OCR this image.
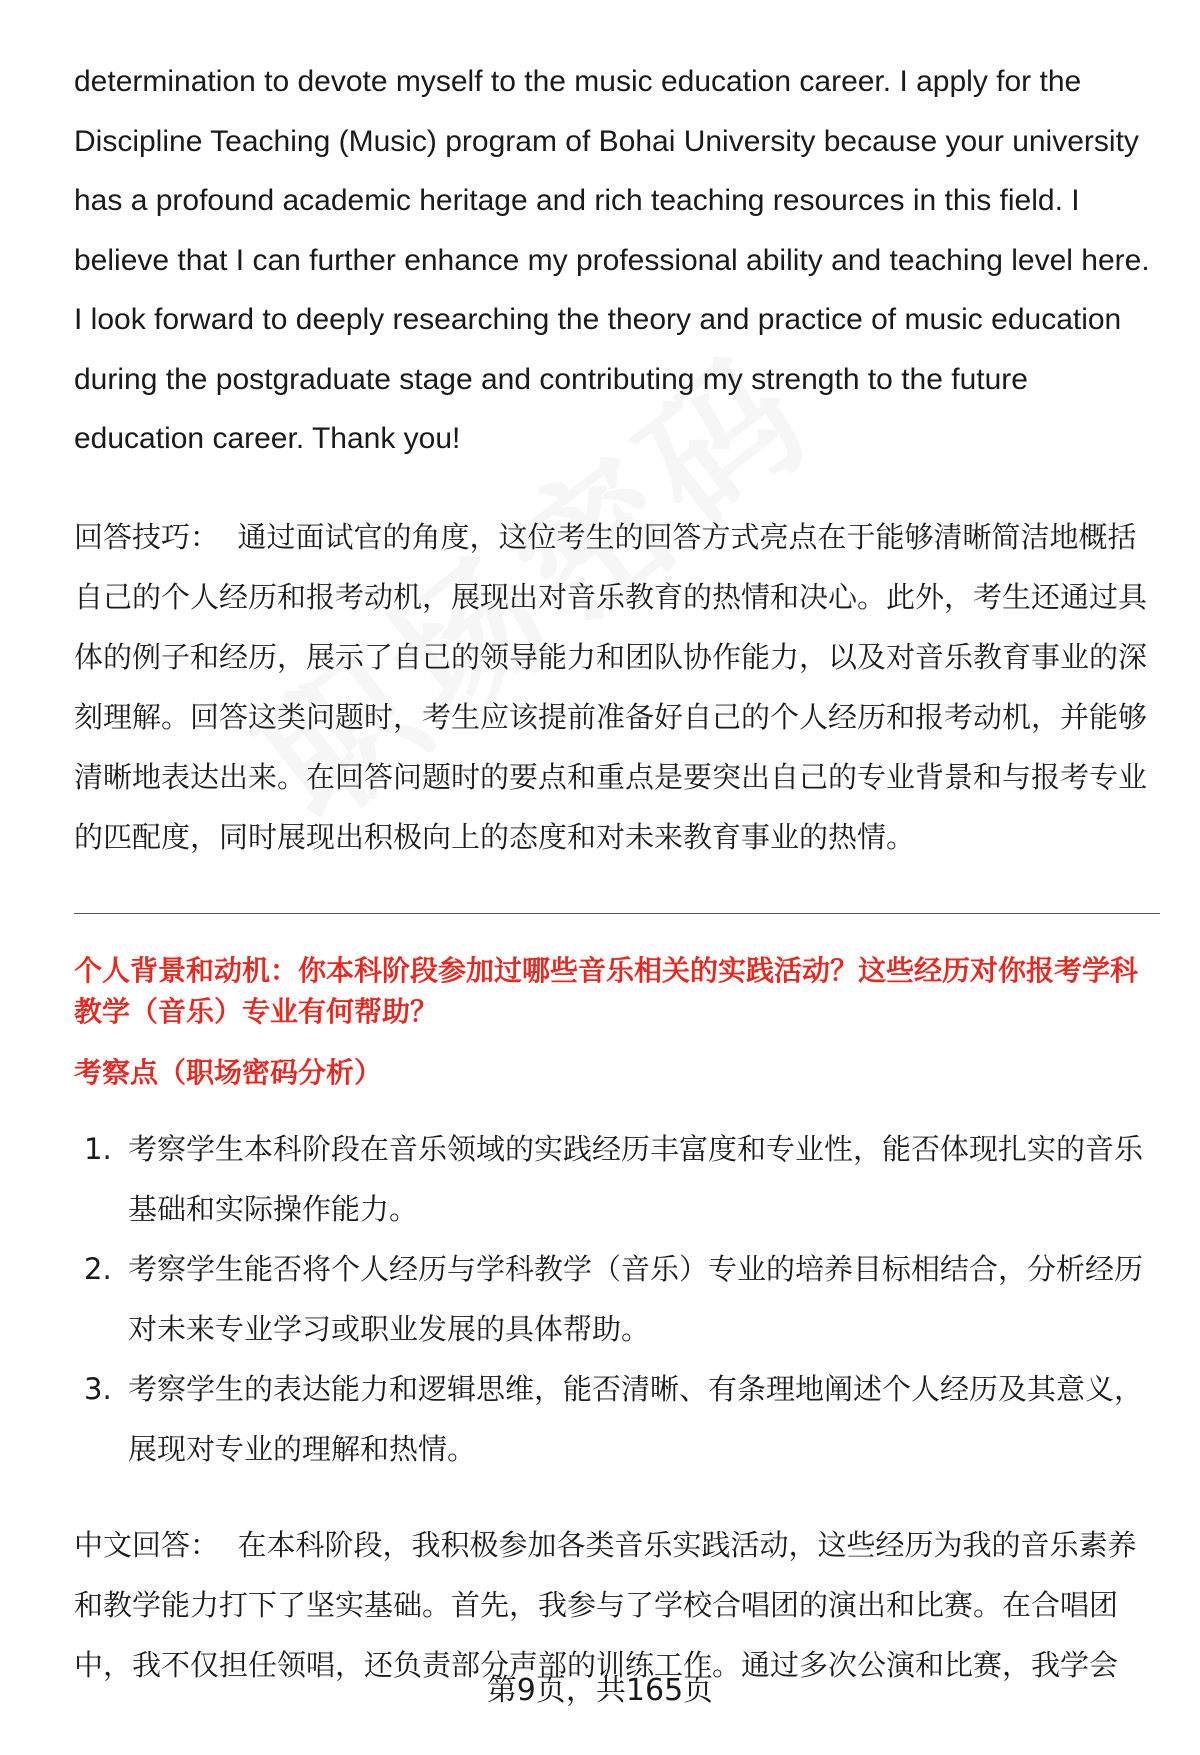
determination to devote myself to the music education career. I apply for the Discipline Teaching (Music) program of Bohai University because your university has a profound academic heritage and rich teaching resources in this field. I believe that I can further enhance my professional ability and teaching level here. I look forward to deeply researching the theory and practice of music education during the postgraduate stage and contributing my strength to the future education career. Thank you!

回答技巧： 通过面试官的角度，这位考生的回答方式亮点在于能够清晰简洁地概括自己的个人经历和报考动机，展现出对音乐教育的热情和决心。此外，考生还通过具体的例子和经历，展示了自己的领导能力和团队协作能力，以及对音乐教育事业的深刻理解。回答这类问题时，考生应该提前准备好自己的个人经历和报考动机，并能够清晰地表达出来。在回答问题时的要点和重点是要突出自己的专业背景和与报考专业的匹配度，同时展现出积极向上的态度和对未来教育事业的热情。

个人背景和动机：你本科阶段参加过哪些音乐相关的实践活动？这些经历对你报考学科教学（音乐）专业有何帮助？
考察点（职场密码分析）
1. 考察学生本科阶段在音乐领域的实践经历丰富度和专业性，能否体现扎实的音乐基础和实际操作能力。
2. 考察学生能否将个人经历与学科教学（音乐）专业的培养目标相结合，分析经历对未来专业学习或职业发展的具体帮助。
3. 考察学生的表达能力和逻辑思维，能否清晰、有条理地阐述个人经历及其意义，展现对专业的理解和热情。

中文回答： 在本科阶段，我积极参加各类音乐实践活动，这些经历为我的音乐素养和教学能力打下了坚实基础。首先，我参与了学校合唱团的演出和比赛。在合唱团中，我不仅担任领唱，还负责部分声部的训练工作。通过多次公演和比赛，我学会

第9页，共165页
